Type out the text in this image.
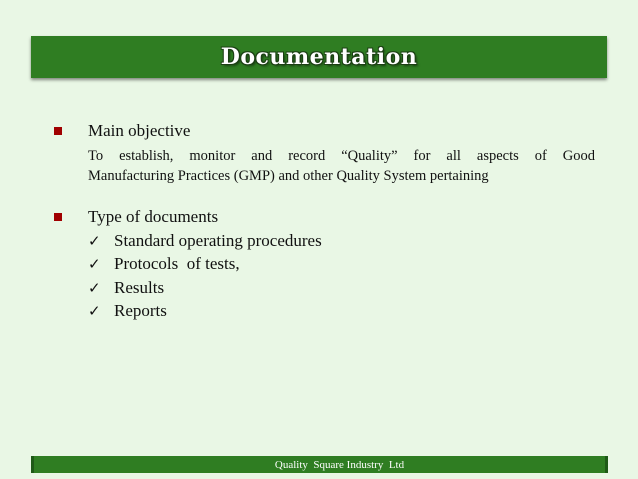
Documentation
Main objective
To establish, monitor and record “Quality” for all aspects of Good
Manufacturing Practices (GMP) and other Quality System pertaining
Type of documents
✓ Standard operating procedures
✓ Protocols  of tests,
✓ Results
✓ Reports
Quality  Square Industry  Ltd
